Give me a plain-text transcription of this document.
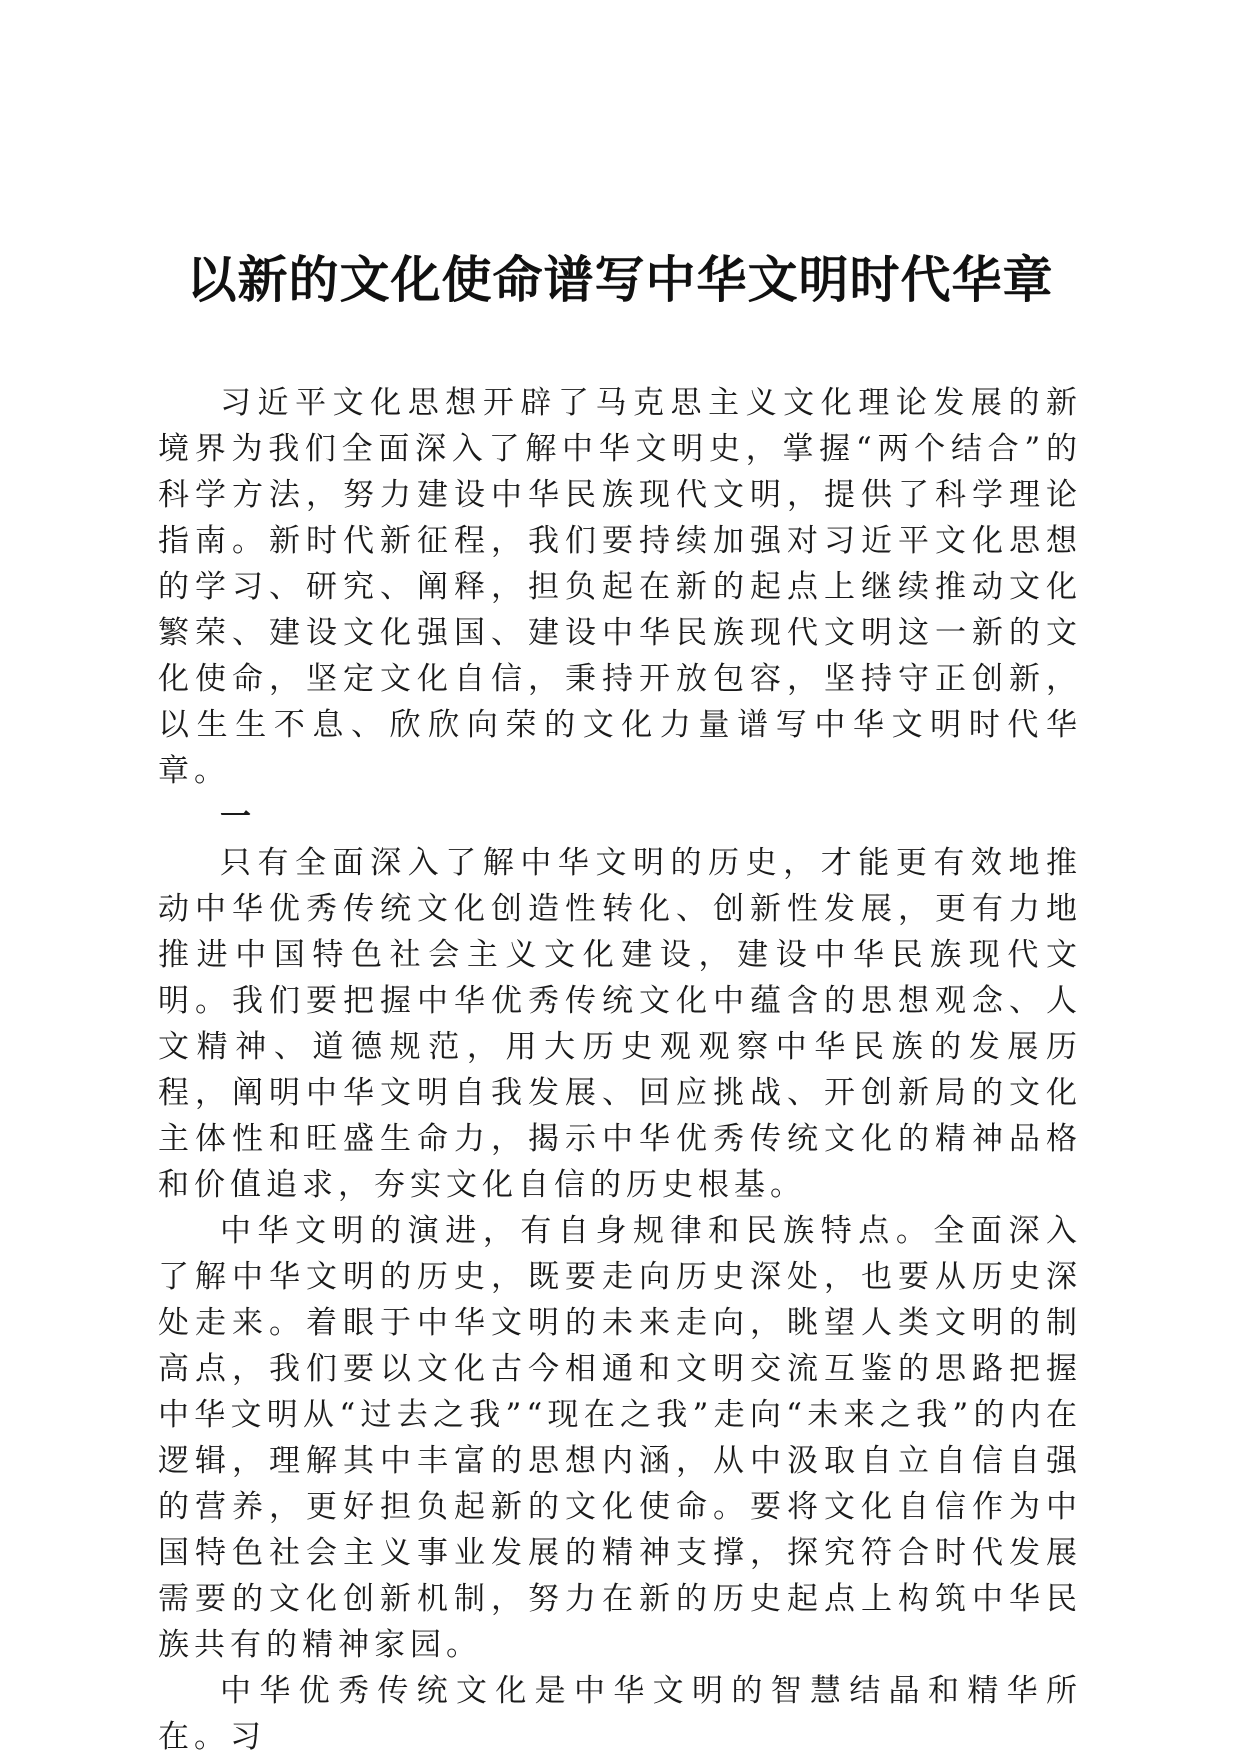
以新的文化使命谱写中华文明时代华章

习近平文化思想开辟了马克思主义文化理论发展的新境界为我们全面深入了解中华文明史，掌握“两个结合”的科学方法，努力建设中华民族现代文明，提供了科学理论指南。新时代新征程，我们要持续加强对习近平文化思想的学习、研究、阐释，担负起在新的起点上继续推动文化繁荣、建设文化强国、建设中华民族现代文明这一新的文化使命，坚定文化自信，秉持开放包容，坚持守正创新，以生生不息、欣欣向荣的文化力量谱写中华文明时代华章。

一

只有全面深入了解中华文明的历史，才能更有效地推动中华优秀传统文化创造性转化、创新性发展，更有力地推进中国特色社会主义文化建设，建设中华民族现代文明。我们要把握中华优秀传统文化中蕴含的思想观念、人文精神、道德规范，用大历史观观察中华民族的发展历程，阐明中华文明自我发展、回应挑战、开创新局的文化主体性和旺盛生命力，揭示中华优秀传统文化的精神品格和价值追求，夯实文化自信的历史根基。

中华文明的演进，有自身规律和民族特点。全面深入了解中华文明的历史，既要走向历史深处，也要从历史深处走来。着眼于中华文明的未来走向，眺望人类文明的制高点，我们要以文化古今相通和文明交流互鉴的思路把握中华文明从“过去之我”“现在之我”走向“未来之我”的内在逻辑，理解其中丰富的思想内涵，从中汲取自立自信自强的营养，更好担负起新的文化使命。要将文化自信作为中国特色社会主义事业发展的精神支撑，探究符合时代发展需要的文化创新机制，努力在新的历史起点上构筑中华民族共有的精神家园。

中华优秀传统文化是中华文明的智慧结晶和精华所在。习
